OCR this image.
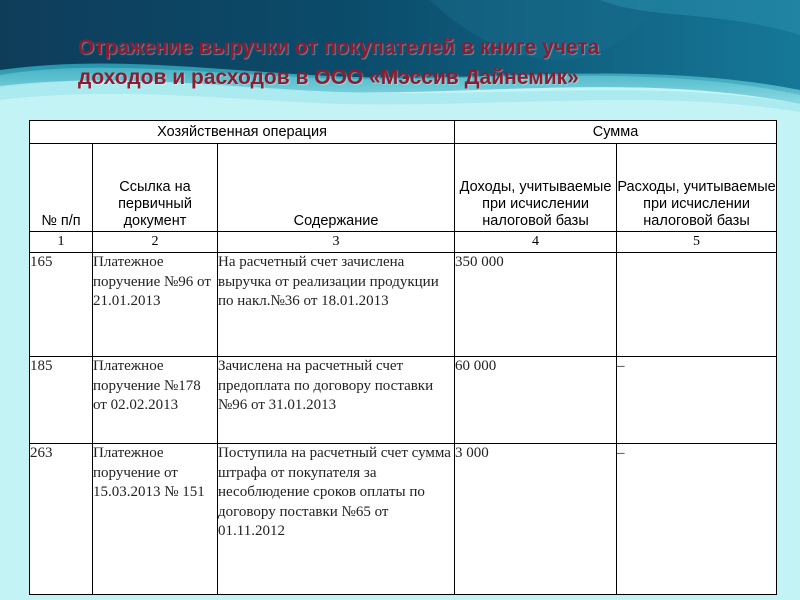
Отражение выручки от покупателей в книге учета
доходов и расходов в ООО «Мэссив Дайнемик»
Хозяйственная операция			Сумма	
№ п/п	Ссылка на первичный документ	Содержание	Доходы, учитываемые при исчислении налоговой базы	Расходы, учитываемые при исчислении налоговой базы
1	2	3	4	5
165	Платежное поручение №96 от 21.01.2013	На расчетный счет зачислена выручка от реализации продукции по накл.№36 от 18.01.2013	350 000	
185	Платежное поручение №178 от 02.02.2013	Зачислена на расчетный счет предоплата по договору поставки №96 от 31.01.2013	60 000	–
263	Платежное поручение от 15.03.2013 № 151	Поступила на расчетный счет сумма штрафа от покупателя за несоблюдение сроков оплаты по договору поставки №65 от 01.11.2012	3 000	–
